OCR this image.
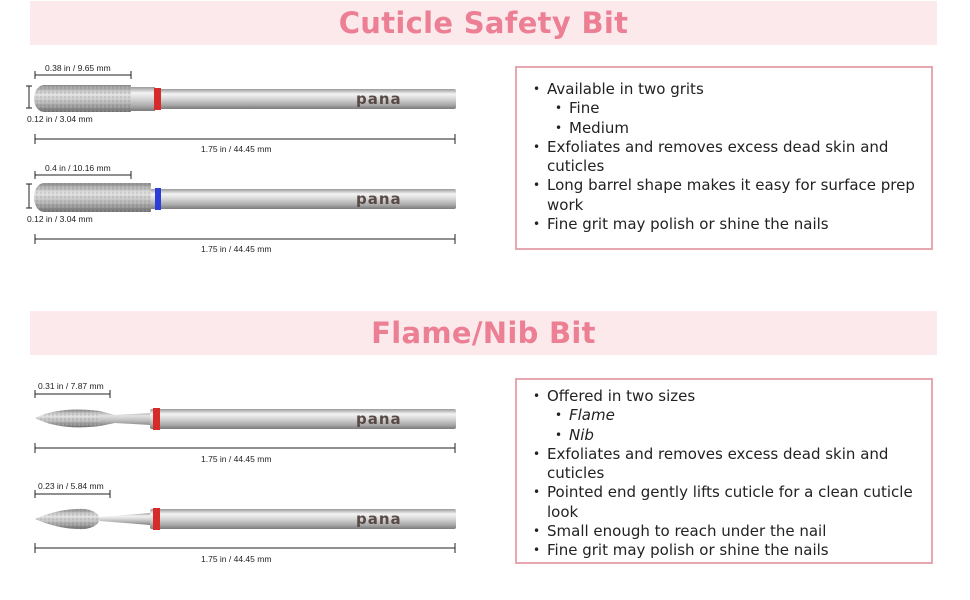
Cuticle Safety Bit
0.38 in / 9.65 mm
0.12 in / 3.04 mm
pana
1.75 in / 44.45 mm
0.4 in / 10.16 mm
0.12 in / 3.04 mm
pana
1.75 in / 44.45 mm
• Available in two grits
• Fine
• Medium
• Exfoliates and removes excess dead skin and cuticles
• Long barrel shape makes it easy for surface prep work
• Fine grit may polish or shine the nails
Flame/Nib Bit
0.31 in / 7.87 mm
pana
1.75 in / 44.45 mm
0.23 in / 5.84 mm
pana
1.75 in / 44.45 mm
• Offered in two sizes
• Flame
• Nib
• Exfoliates and removes excess dead skin and cuticles
• Pointed end gently lifts cuticle for a clean cuticle look
• Small enough to reach under the nail
• Fine grit may polish or shine the nails
